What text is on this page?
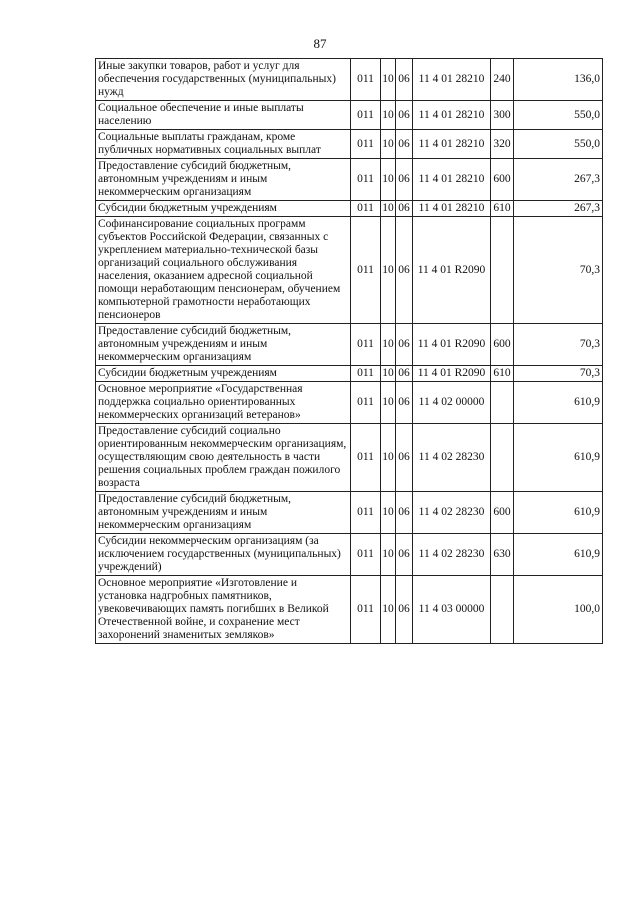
87
Иные закупки товаров, работ и услуг для обеспечения государственных (муниципальных) нужд	011	10	06	11 4 01 28210	240	136,0
Социальное обеспечение и иные выплаты населению	011	10	06	11 4 01 28210	300	550,0
Социальные выплаты гражданам, кроме публичных нормативных социальных выплат	011	10	06	11 4 01 28210	320	550,0
Предоставление субсидий бюджетным, автономным учреждениям и иным некоммерческим организациям	011	10	06	11 4 01 28210	600	267,3
Субсидии бюджетным учреждениям	011	10	06	11 4 01 28210	610	267,3
Софинансирование социальных программ субъектов Российской Федерации, связанных с укреплением материально-технической базы организаций социального обслуживания населения, оказанием адресной социальной помощи неработающим пенсионерам, обучением компьютерной грамотности неработающих пенсионеров	011	10	06	11 4 01 R2090		70,3
Предоставление субсидий бюджетным, автономным учреждениям и иным некоммерческим организациям	011	10	06	11 4 01 R2090	600	70,3
Субсидии бюджетным учреждениям	011	10	06	11 4 01 R2090	610	70,3
Основное мероприятие «Государственная поддержка социально ориентированных некоммерческих организаций ветеранов»	011	10	06	11 4 02 00000		610,9
Предоставление субсидий социально ориентированным некоммерческим организациям, осуществляющим свою деятельность в части решения социальных проблем граждан пожилого возраста	011	10	06	11 4 02 28230		610,9
Предоставление субсидий бюджетным, автономным учреждениям и иным некоммерческим организациям	011	10	06	11 4 02 28230	600	610,9
Субсидии некоммерческим организациям (за исключением государственных (муниципальных) учреждений)	011	10	06	11 4 02 28230	630	610,9
Основное мероприятие «Изготовление и установка надгробных памятников, увековечивающих память погибших в Великой Отечественной войне, и сохранение мест захоронений знаменитых земляков»	011	10	06	11 4 03 00000		100,0
